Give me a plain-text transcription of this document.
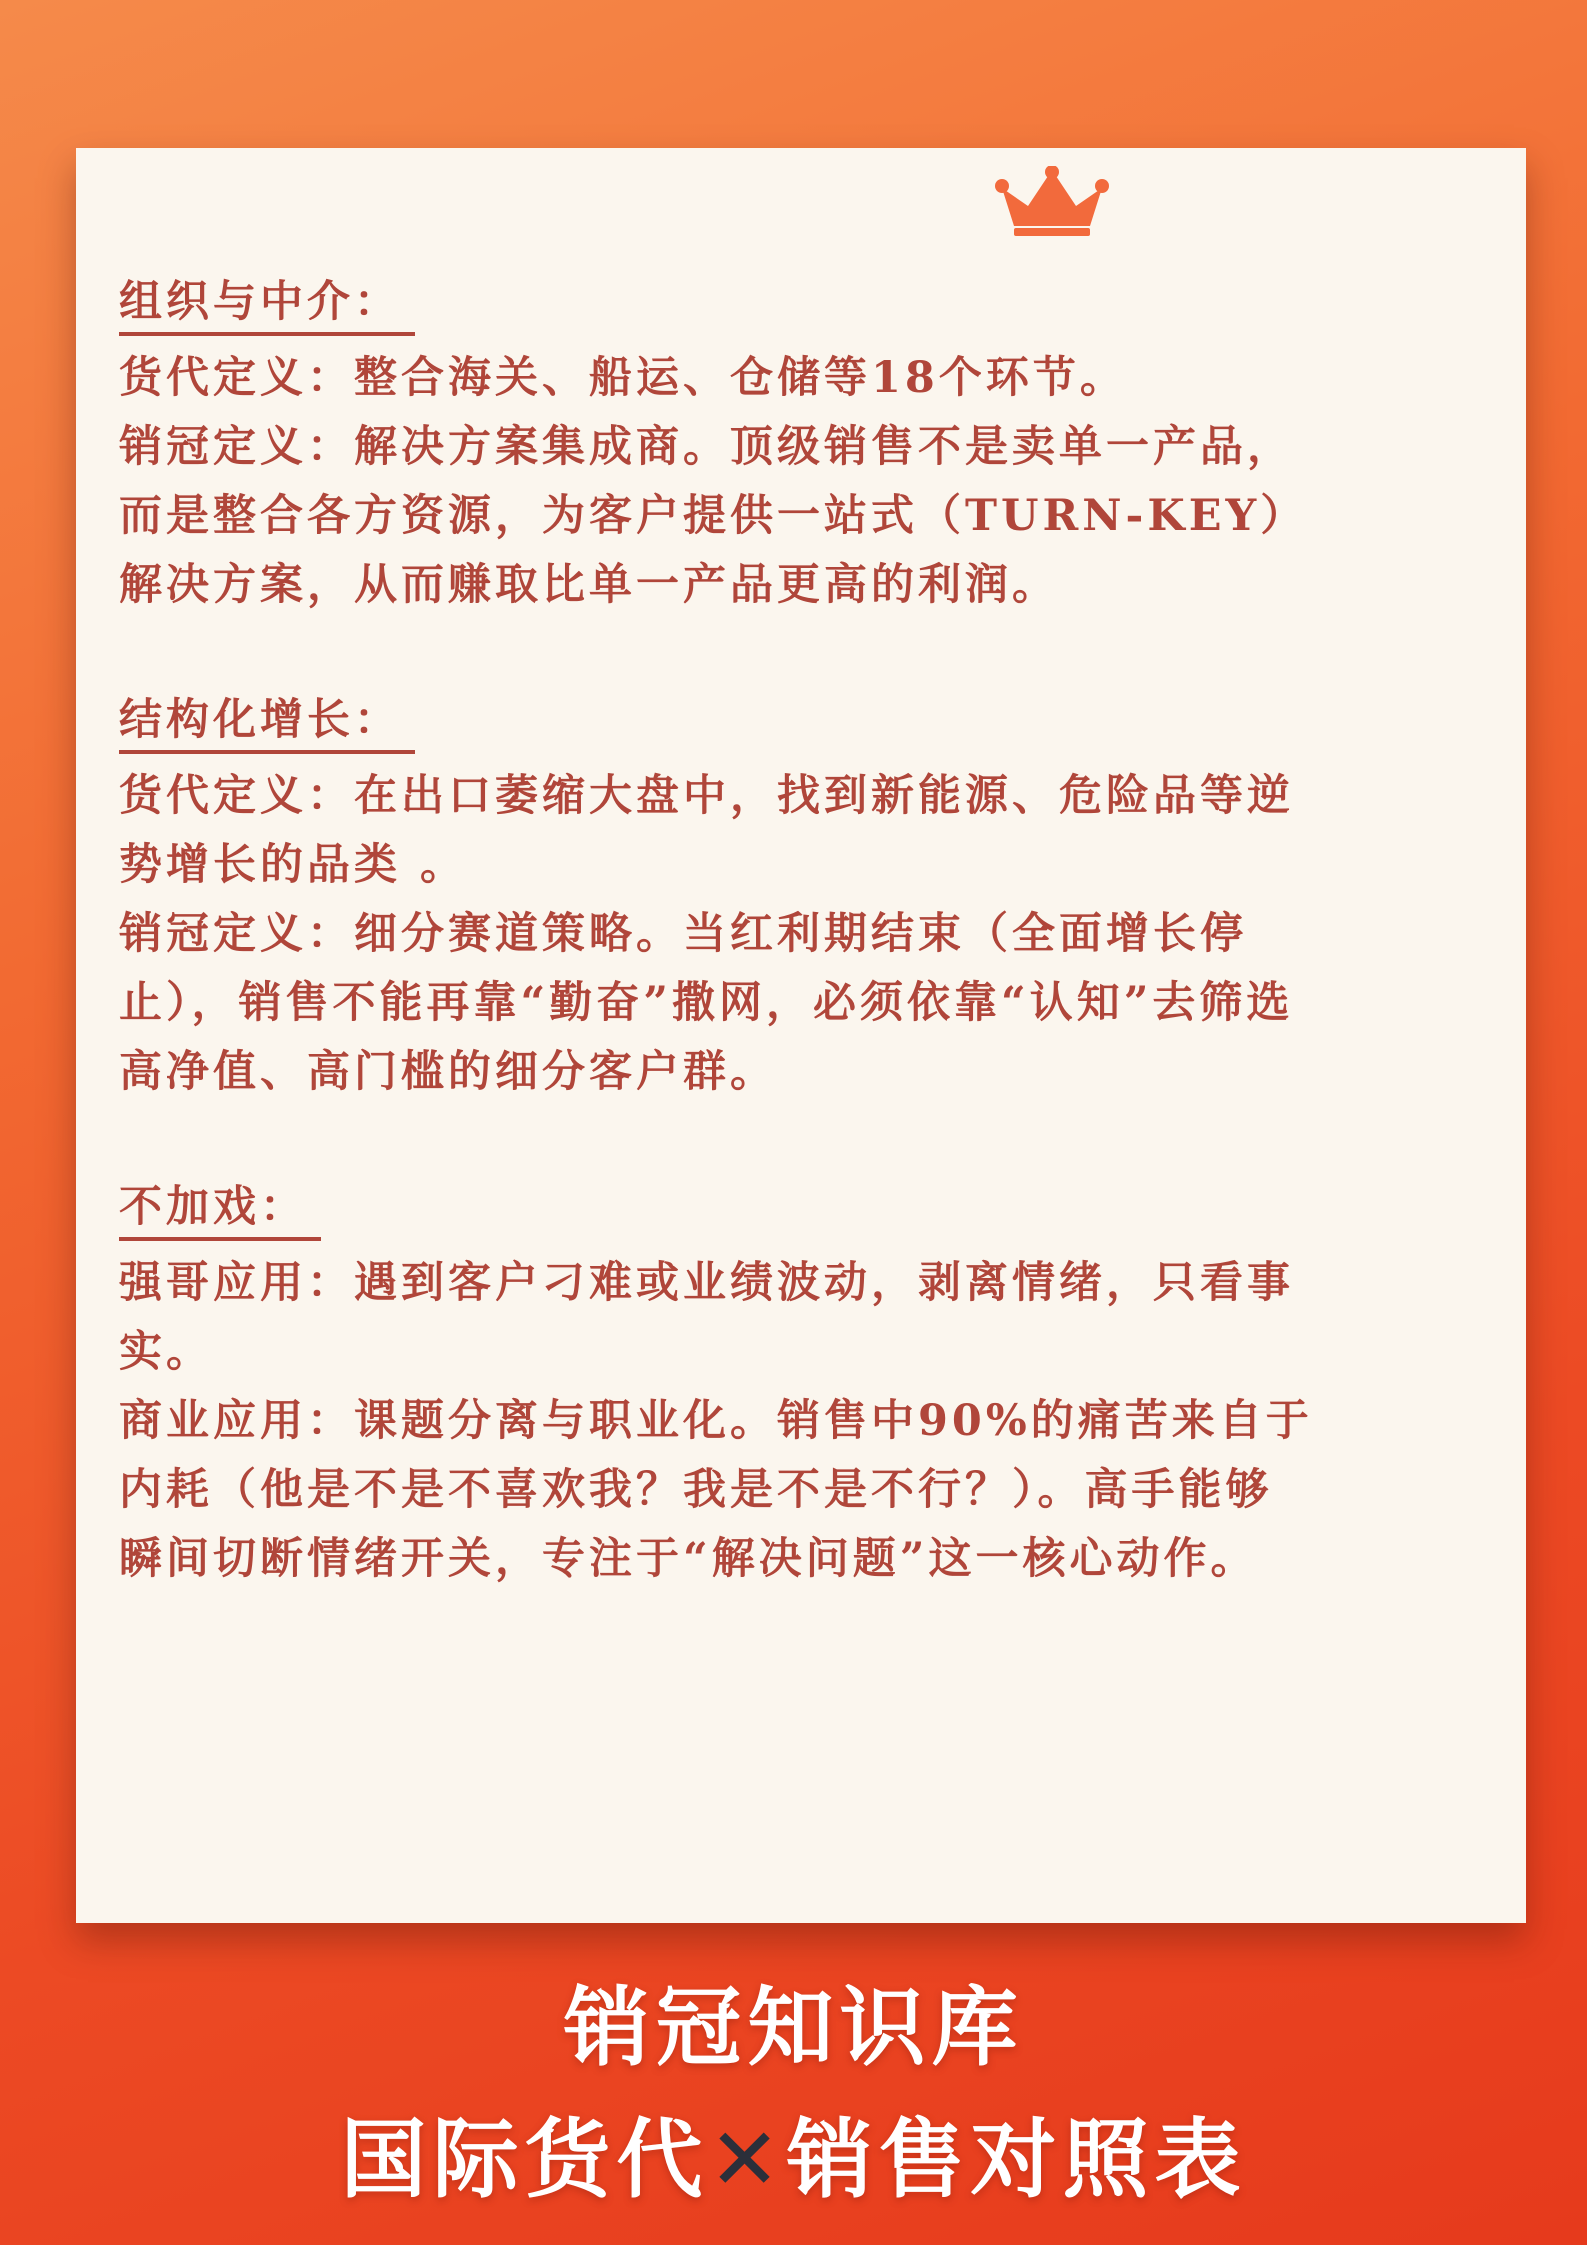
组织与中介：

货代定义：整合海关、船运、仓储等18个环节。

销冠定义：解决方案集成商。顶级销售不是卖单一产品，

而是整合各方资源，为客户提供一站式（TURN-KEY）

解决方案，从而赚取比单一产品更高的利润。

结构化增长：

货代定义：在出口萎缩大盘中，找到新能源、危险品等逆

势增长的品类 。

销冠定义：细分赛道策略。当红利期结束（全面增长停

止），销售不能再靠“勤奋”撒网，必须依靠“认知”去筛选

高净值、高门槛的细分客户群。

不加戏：

强哥应用：遇到客户刁难或业绩波动，剥离情绪，只看事

实。

商业应用：课题分离与职业化。销售中90%的痛苦来自于

内耗（他是不是不喜欢我？我是不是不行？）。高手能够

瞬间切断情绪开关，专注于“解决问题”这一核心动作。

销冠知识库
国际货代✕销售对照表
